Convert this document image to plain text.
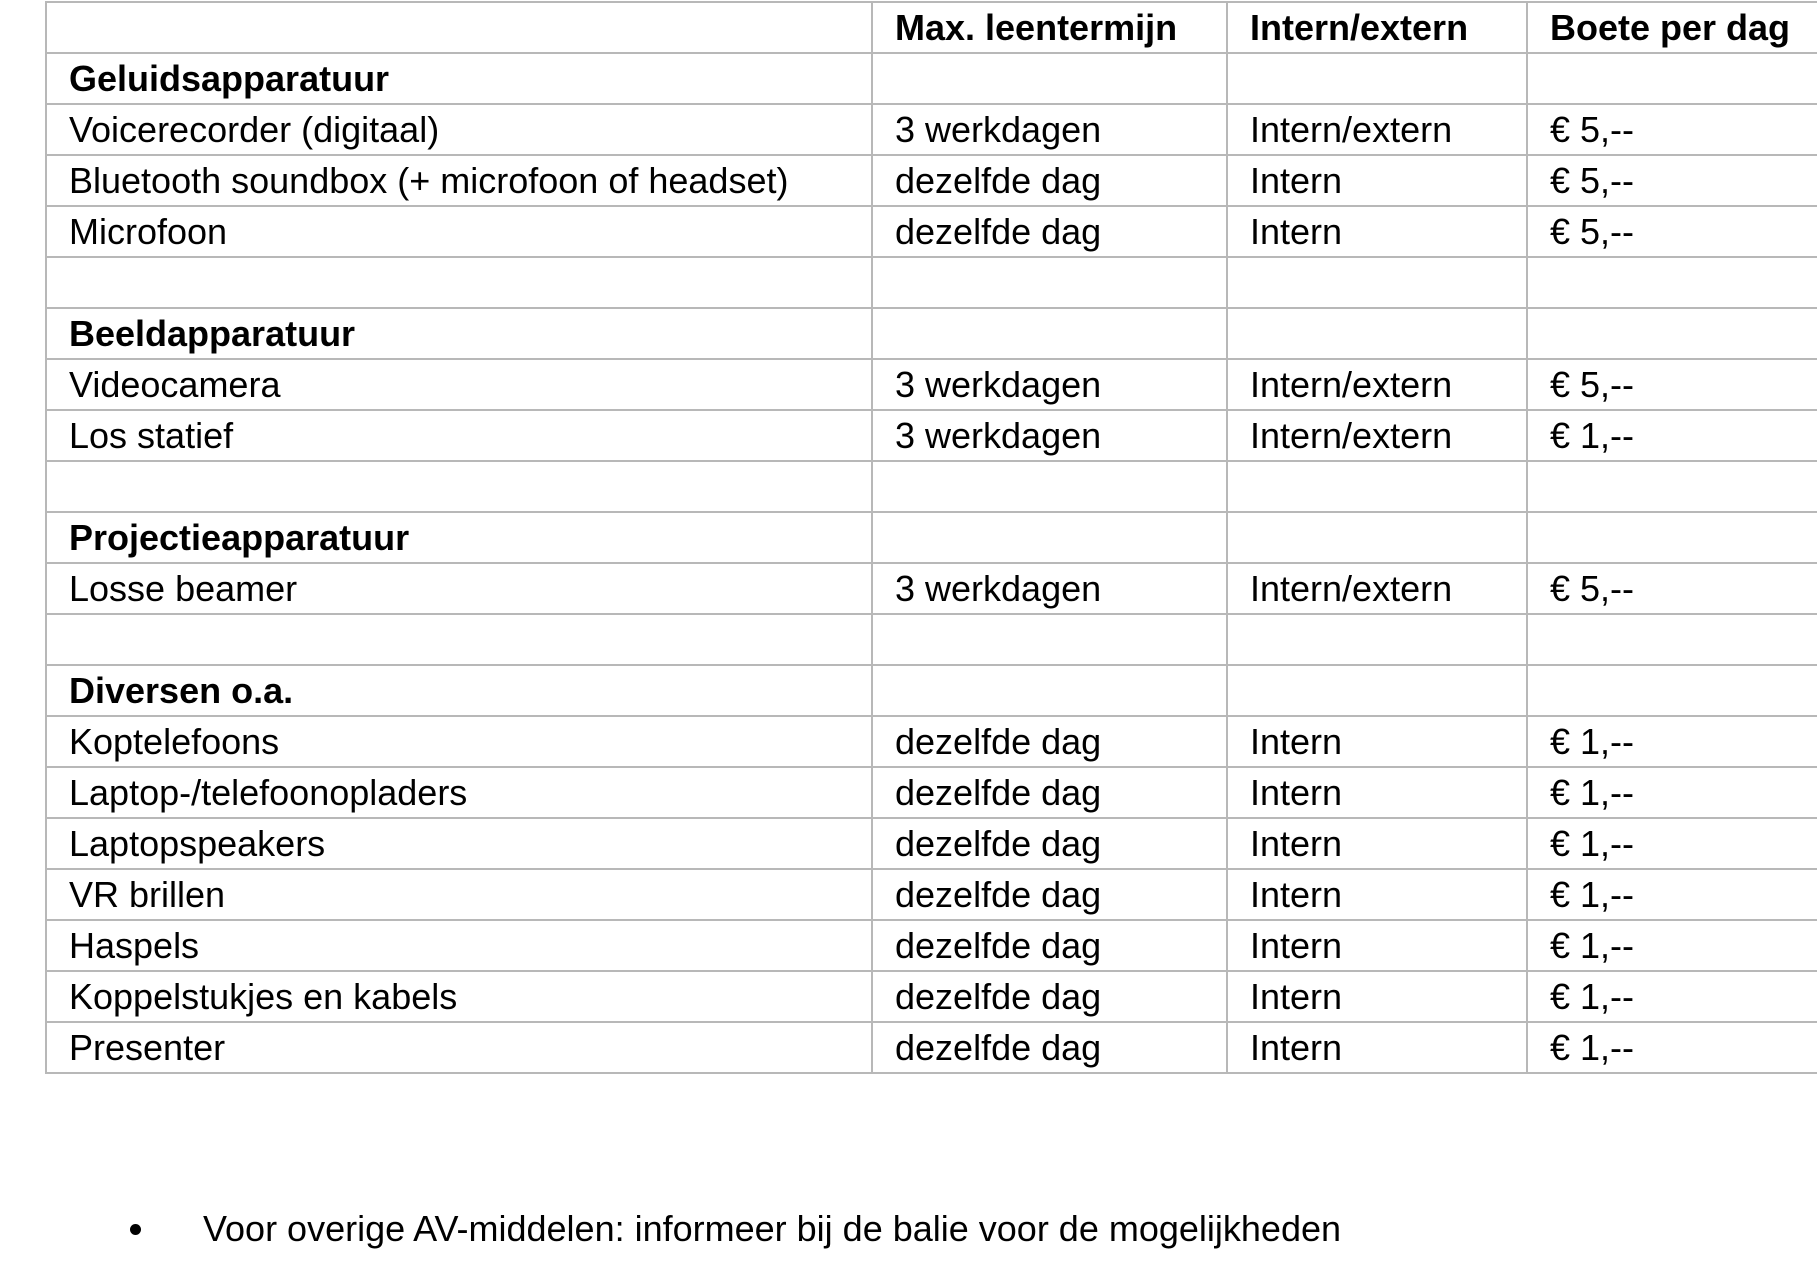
	Max. leentermijn	Intern/extern	Boete per dag
Geluidsapparatuur			
Voicerecorder (digitaal)	3 werkdagen	Intern/extern	€ 5,--
Bluetooth soundbox (+ microfoon of headset)	dezelfde dag	Intern	€ 5,--
Microfoon	dezelfde dag	Intern	€ 5,--

Beeldapparatuur			
Videocamera	3 werkdagen	Intern/extern	€ 5,--
Los statief	3 werkdagen	Intern/extern	€ 1,--

Projectieapparatuur			
Losse beamer	3 werkdagen	Intern/extern	€ 5,--

Diversen o.a.			
Koptelefoons	dezelfde dag	Intern	€ 1,--
Laptop-/telefoonopladers	dezelfde dag	Intern	€ 1,--
Laptopspeakers	dezelfde dag	Intern	€ 1,--
VR brillen	dezelfde dag	Intern	€ 1,--
Haspels	dezelfde dag	Intern	€ 1,--
Koppelstukjes en kabels	dezelfde dag	Intern	€ 1,--
Presenter	dezelfde dag	Intern	€ 1,--
Voor overige AV-middelen: informeer bij de balie voor de mogelijkheden
